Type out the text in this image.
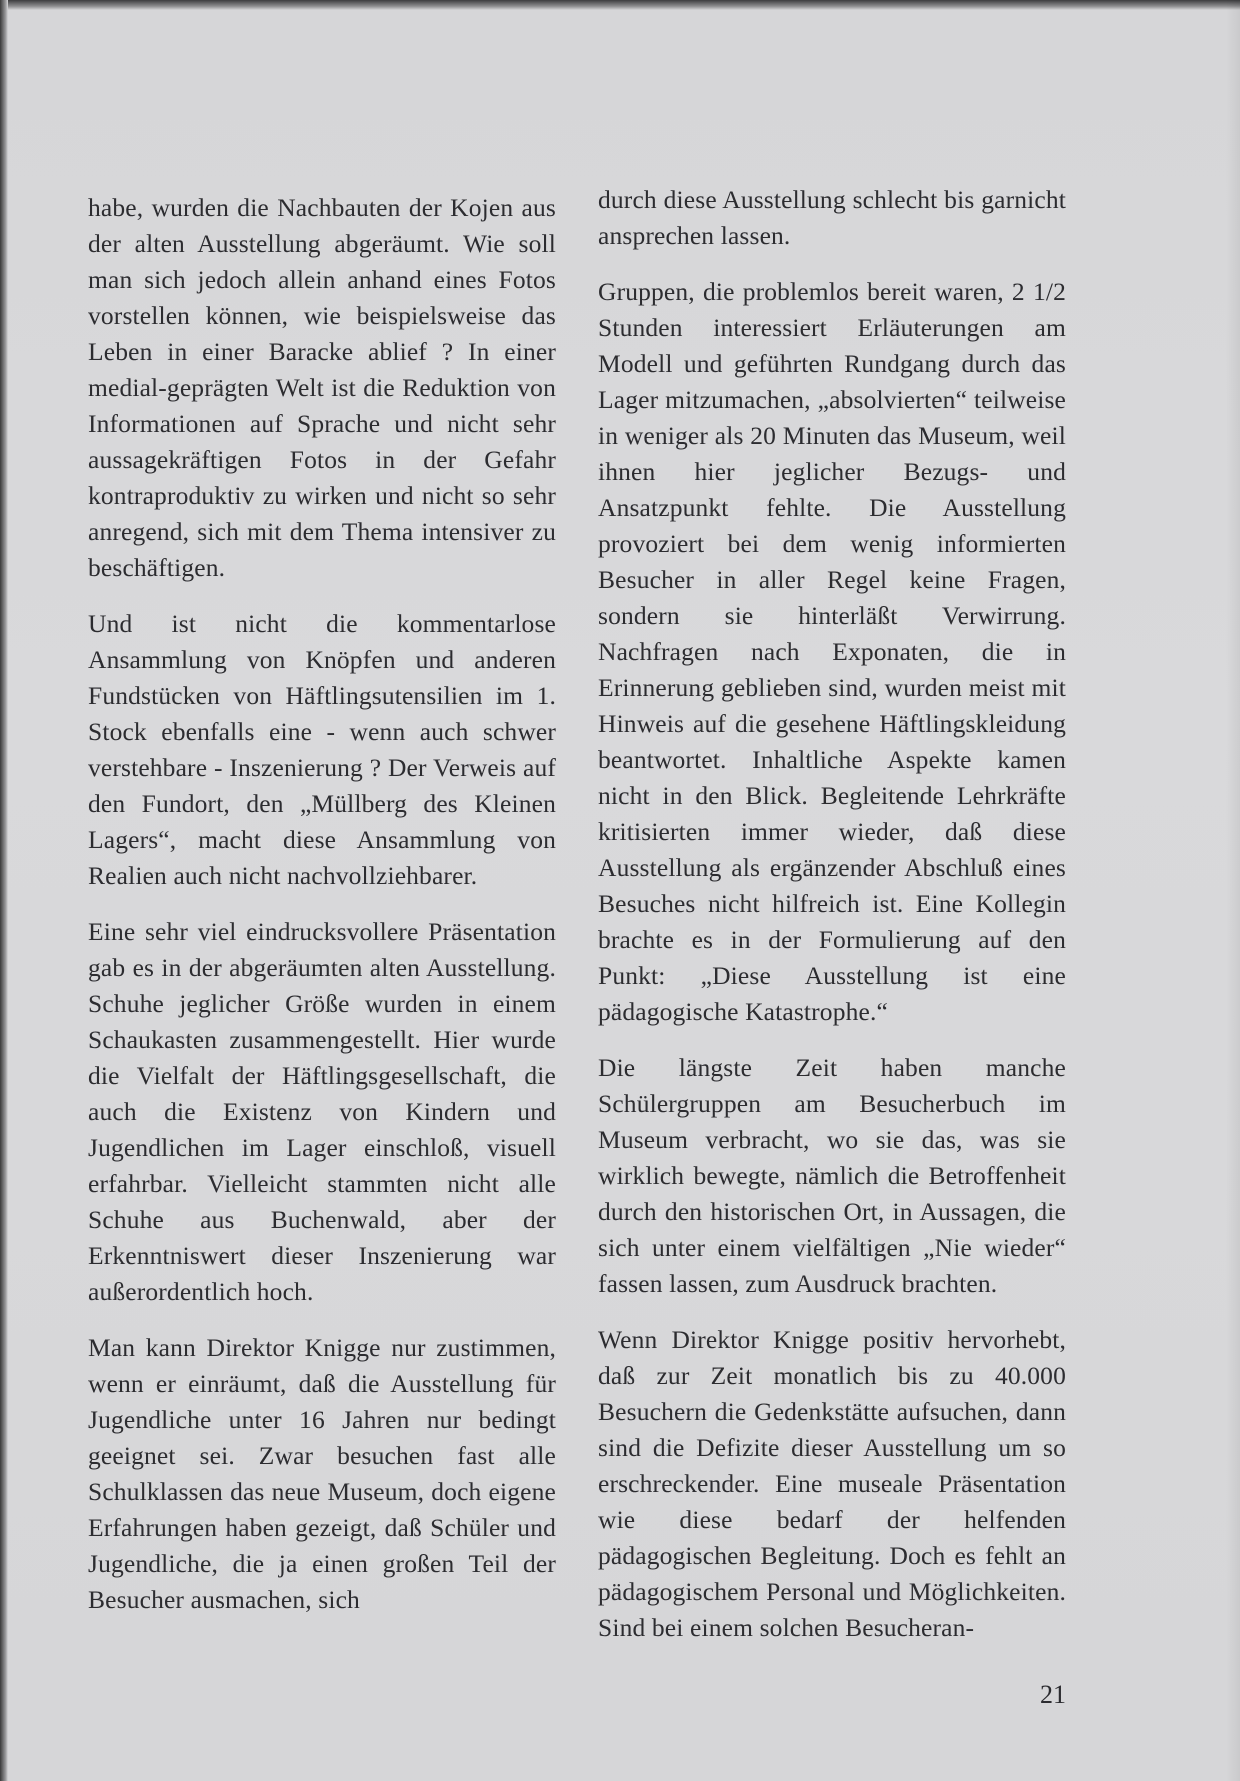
habe, wurden die Nachbauten der Kojen aus der alten Ausstellung abgeräumt. Wie soll man sich jedoch allein anhand eines Fotos vorstellen können, wie beispielsweise das Leben in einer Baracke ablief ? In einer medial-geprägten Welt ist die Reduktion von Informationen auf Sprache und nicht sehr aussagekräftigen Fotos in der Gefahr kontraproduktiv zu wirken und nicht so sehr anregend, sich mit dem Thema intensiver zu beschäftigen.

Und ist nicht die kommentarlose Ansammlung von Knöpfen und anderen Fundstücken von Häftlingsutensilien im 1. Stock ebenfalls eine - wenn auch schwer verstehbare - Inszenierung ? Der Verweis auf den Fundort, den „Müllberg des Kleinen Lagers“, macht diese Ansammlung von Realien auch nicht nachvollziehbarer.

Eine sehr viel eindrucksvollere Präsentation gab es in der abgeräumten alten Ausstellung. Schuhe jeglicher Größe wurden in einem Schaukasten zusammengestellt. Hier wurde die Vielfalt der Häftlingsgesellschaft, die auch die Existenz von Kindern und Jugendlichen im Lager einschloß, visuell erfahrbar. Vielleicht stammten nicht alle Schuhe aus Buchenwald, aber der Erkenntniswert dieser Inszenierung war außerordentlich hoch.

Man kann Direktor Knigge nur zustimmen, wenn er einräumt, daß die Ausstellung für Jugendliche unter 16 Jahren nur bedingt geeignet sei. Zwar besuchen fast alle Schulklassen das neue Museum, doch eigene Erfahrungen haben gezeigt, daß Schüler und Jugendliche, die ja einen großen Teil der Besucher ausmachen, sich

durch diese Ausstellung schlecht bis garnicht ansprechen lassen.

Gruppen, die problemlos bereit waren, 2 1/2 Stunden interessiert Erläuterungen am Modell und geführten Rundgang durch das Lager mitzumachen, „absolvierten“ teilweise in weniger als 20 Minuten das Museum, weil ihnen hier jeglicher Bezugs- und Ansatzpunkt fehlte. Die Ausstellung provoziert bei dem wenig informierten Besucher in aller Regel keine Fragen, sondern sie hinterläßt Verwirrung. Nachfragen nach Exponaten, die in Erinnerung geblieben sind, wurden meist mit Hinweis auf die gesehene Häftlingskleidung beantwortet. Inhaltliche Aspekte kamen nicht in den Blick. Begleitende Lehrkräfte kritisierten immer wieder, daß diese Ausstellung als ergänzender Abschluß eines Besuches nicht hilfreich ist. Eine Kollegin brachte es in der Formulierung auf den Punkt: „Diese Ausstellung ist eine pädagogische Katastrophe.“

Die längste Zeit haben manche Schülergruppen am Besucherbuch im Museum verbracht, wo sie das, was sie wirklich bewegte, nämlich die Betroffenheit durch den historischen Ort, in Aussagen, die sich unter einem vielfältigen „Nie wieder“ fassen lassen, zum Ausdruck brachten.

Wenn Direktor Knigge positiv hervorhebt, daß zur Zeit monatlich bis zu 40.000 Besuchern die Gedenkstätte aufsuchen, dann sind die Defizite dieser Ausstellung um so erschreckender. Eine museale Präsentation wie diese bedarf der helfenden pädagogischen Begleitung. Doch es fehlt an pädagogischem Personal und Möglichkeiten. Sind bei einem solchen Besucheran-

21
